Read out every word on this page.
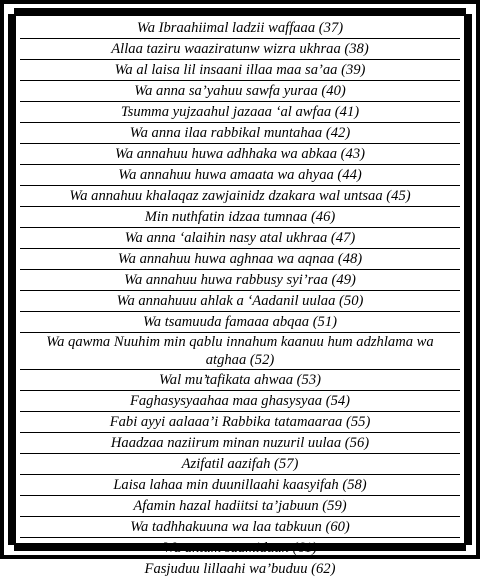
Wa Ibraahiimal ladzii waffaaa (37)
Allaa taziru waaziratunw wizra ukhraa (38)
Wa al laisa lil insaani illaa maa sa’aa (39)
Wa anna sa’yahuu sawfa yuraa (40)
Tsumma yujzaahul jazaaa ‘al awfaa (41)
Wa anna ilaa rabbikal muntahaa (42)
Wa annahuu huwa adhhaka wa abkaa (43)
Wa annahuu huwa amaata wa ahyaa (44)
Wa annahuu khalaqaz zawjainidz dzakara wal untsaa (45)
Min nuthfatin idzaa tumnaa (46)
Wa anna ‘alaihin nasy atal ukhraa (47)
Wa annahuu huwa aghnaa wa aqnaa (48)
Wa annahuu huwa rabbusy syi’raa (49)
Wa annahuuu ahlak a ‘Aadanil uulaa (50)
Wa tsamuuda famaaa abqaa (51)
Wa qawma Nuuhim min qablu innahum kaanuu hum adzhlama wa atghaa (52)
Wal mu’tafikata ahwaa (53)
Faghasysyaahaa maa ghasysyaa (54)
Fabi ayyi aalaaa’i Rabbika tatamaaraa (55)
Haadzaa naziirum minan nuzuril uulaa (56)
Azifatil aazifah (57)
Laisa lahaa min duunillaahi kaasyifah (58)
Afamin hazal hadiitsi ta’jabuun (59)
Wa tadhhakuuna wa laa tabkuun (60)
Wa antum saamiduun (61)
Fasjuduu lillaahi wa’buduu (62)
